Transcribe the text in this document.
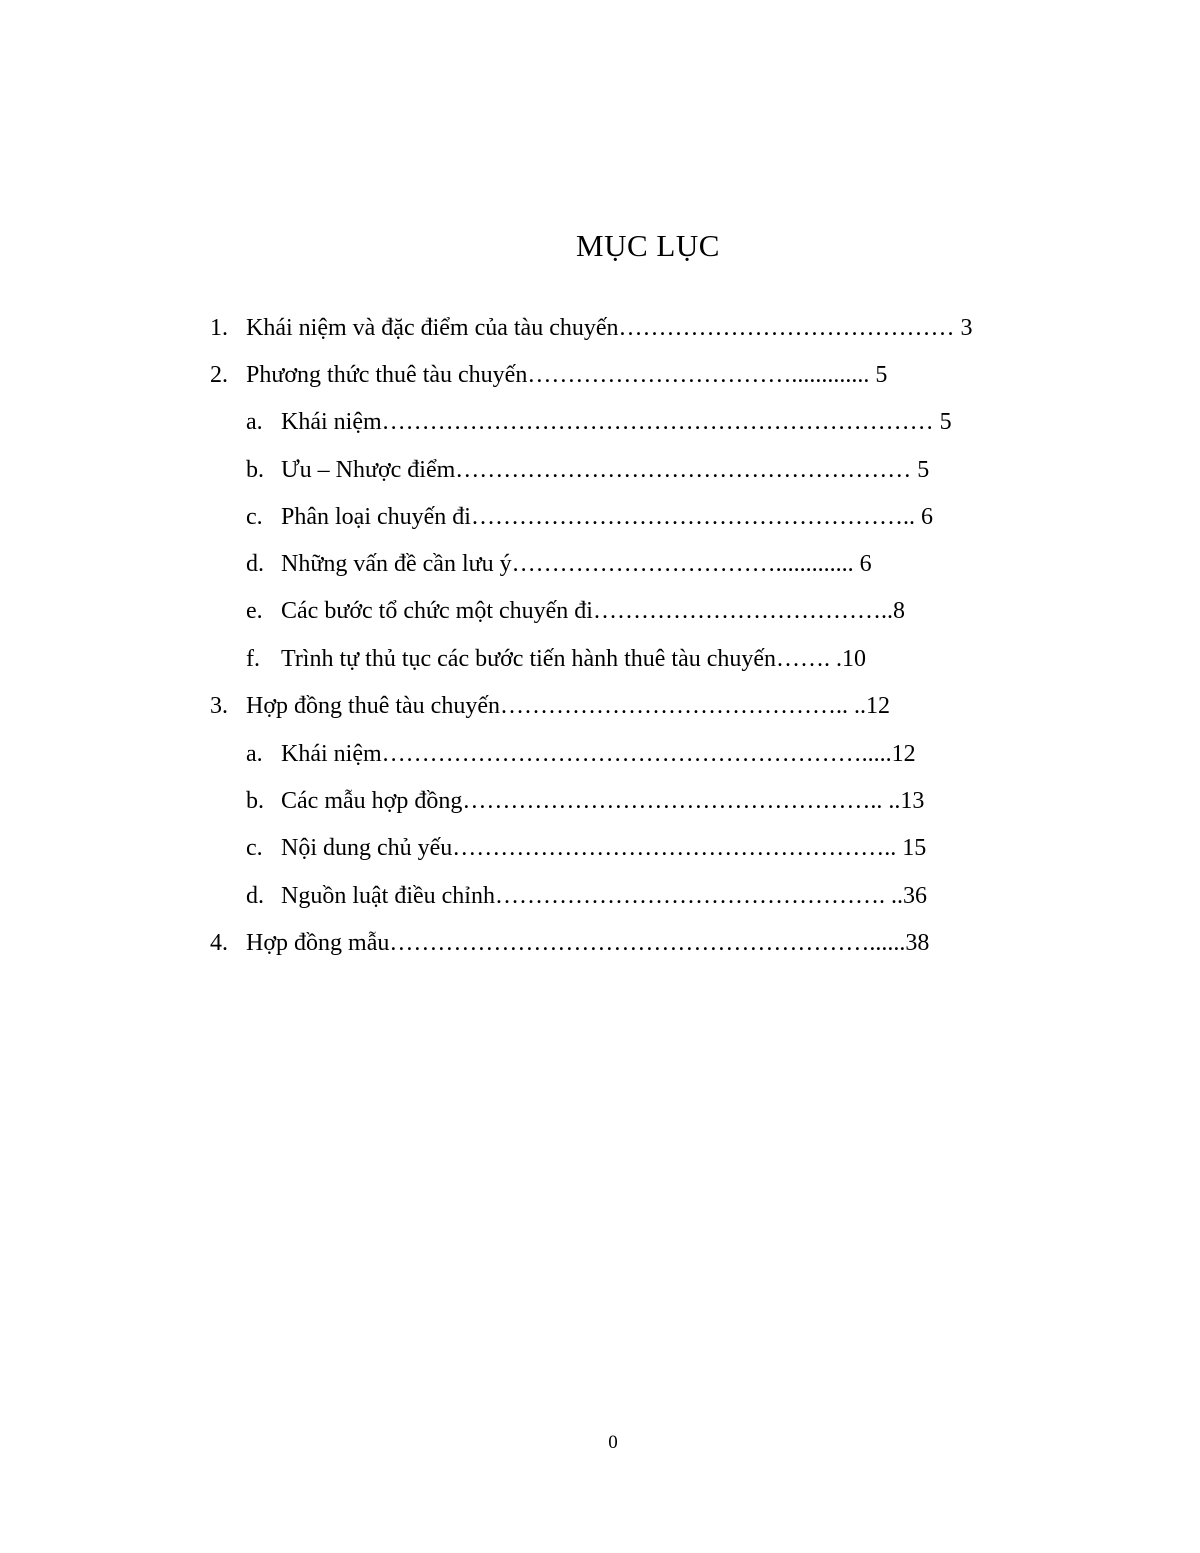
MỤC LỤC
1. Khái niệm và đặc điểm của tàu chuyến…………………………………… 3
2. Phương thức thuê tàu chuyến……………………………............. 5
a. Khái niệm…………………………………………………………… 5
b. Ưu – Nhược điểm………………………………………………… 5
c. Phân loại chuyến đi……………………………………………….. 6
d. Những vấn đề cần lưu ý……………………………............. 6
e. Các bước tổ chức một chuyến đi………………………………..8
f. Trình tự thủ tục các bước tiến hành thuê tàu chuyến……. .10
3. Hợp đồng thuê tàu chuyến…………………………………….. ..12
a. Khái niệm…………………………………………………….....12
b. Các mẫu hợp đồng…………………………………………….. ..13
c. Nội dung chủ yếu……………………………………………….. 15
d. Nguồn luật điều chỉnh…………………………………………. ..36
4. Hợp đồng mẫu……………………………………………………......38
0
